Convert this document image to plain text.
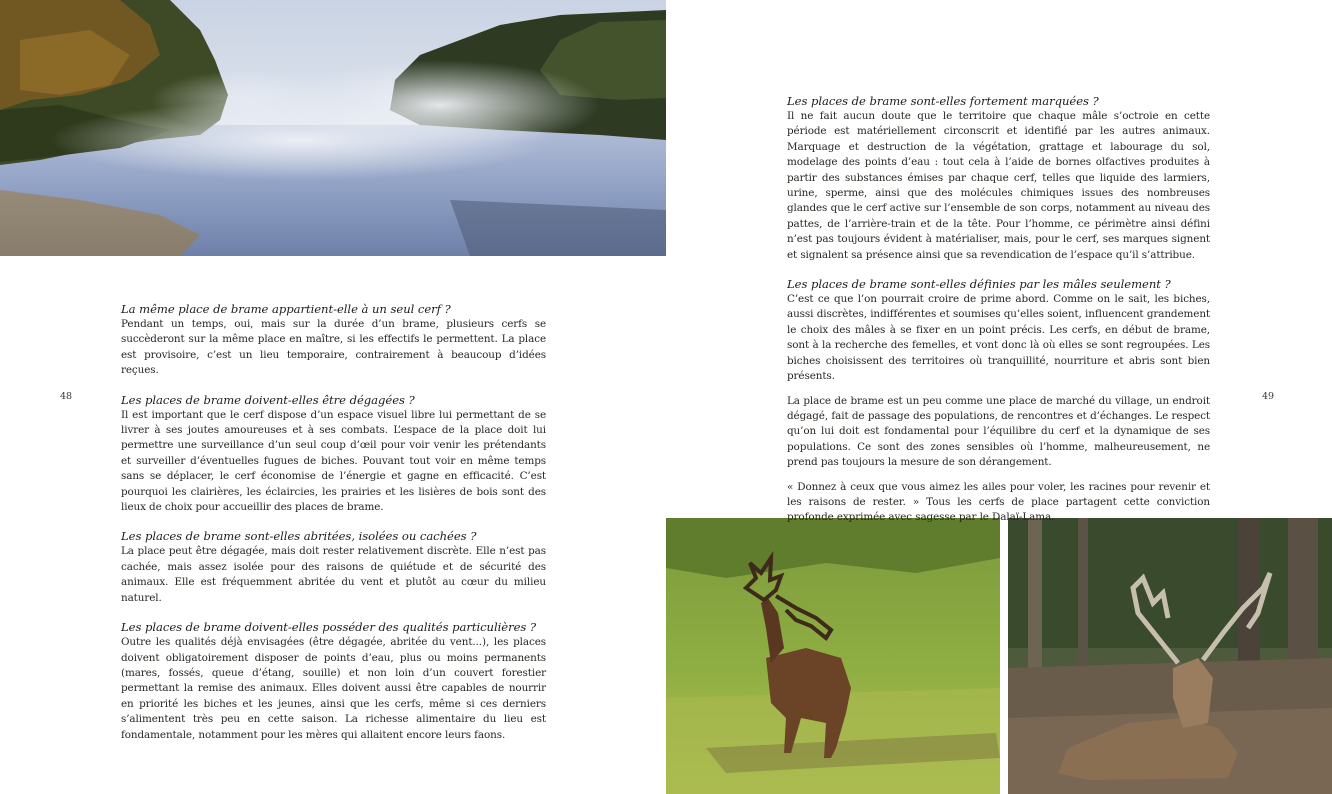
48	49
La même place de brame appartient-elle à un seul cerf ?

Pendant un temps, oui, mais sur la durée d’un brame, plusieurs cerfs se succèderont sur la même place en maître, si les effectifs le permettent. La place est provisoire, c’est un lieu temporaire, contrairement à beaucoup d’idées reçues.

Les places de brame doivent-elles être dégagées ?

Il est important que le cerf dispose d’un espace visuel libre lui permettant de se livrer à ses joutes amoureuses et à ses combats. L’espace de la place doit lui permettre une surveillance d’un seul coup d’œil pour voir venir les prétendants et surveiller d’éventuelles fugues de biches. Pouvant tout voir en même temps sans se déplacer, le cerf économise de l’énergie et gagne en efficacité. C’est pourquoi les clairières, les éclaircies, les prairies et les lisières de bois sont des lieux de choix pour accueillir des places de brame.

Les places de brame sont-elles abritées, isolées ou cachées ?

La place peut être dégagée, mais doit rester relativement discrète. Elle n’est pas cachée, mais assez isolée pour des raisons de quiétude et de sécurité des animaux. Elle est fréquemment abritée du vent et plutôt au cœur du milieu naturel.

Les places de brame doivent-elles posséder des qualités particulières ?

Outre les qualités déjà envisagées (être dégagée, abritée du vent...), les places doivent obligatoirement disposer de points d’eau, plus ou moins permanents (mares, fossés, queue d’étang, souille) et non loin d’un couvert forestier permettant la remise des animaux. Elles doivent aussi être capables de nourrir en priorité les biches et les jeunes, ainsi que les cerfs, même si ces derniers s’alimentent très peu en cette saison. La richesse alimentaire du lieu est fondamentale, notamment pour les mères qui allaitent encore leurs faons.

Les places de brame sont-elles fortement marquées ?

Il ne fait aucun doute que le territoire que chaque mâle s’octroie en cette période est matériellement circonscrit et identifié par les autres animaux. Marquage et destruction de la végétation, grattage et labourage du sol, modelage des points d’eau : tout cela à l’aide de bornes olfactives produites à partir des substances émises par chaque cerf, telles que liquide des larmiers, urine, sperme, ainsi que des molécules chimiques issues des nombreuses glandes que le cerf active sur l’ensemble de son corps, notamment au niveau des pattes, de l’arrière-train et de la tête. Pour l’homme, ce périmètre ainsi défini n’est pas toujours évident à matérialiser, mais, pour le cerf, ses marques signent et signalent sa présence ainsi que sa revendication de l’espace qu’il s’attribue.

Les places de brame sont-elles définies par les mâles seulement ?

C’est ce que l’on pourrait croire de prime abord. Comme on le sait, les biches, aussi discrètes, indifférentes et soumises qu’elles soient, influencent grandement le choix des mâles à se fixer en un point précis. Les cerfs, en début de brame, sont à la recherche des femelles, et vont donc là où elles se sont regroupées. Les biches choisissent des territoires où tranquillité, nourriture et abris sont bien présents.

La place de brame est un peu comme une place de marché du village, un endroit dégagé, fait de passage des populations, de rencontres et d’échanges. Le respect qu’on lui doit est fondamental pour l’équilibre du cerf et la dynamique de ses populations. Ce sont des zones sensibles où l’homme, malheureusement, ne prend pas toujours la mesure de son dérangement.

« Donnez à ceux que vous aimez les ailes pour voler, les racines pour revenir et les raisons de rester. » Tous les cerfs de place partagent cette conviction profonde exprimée avec sagesse par le Dalaï-Lama.
